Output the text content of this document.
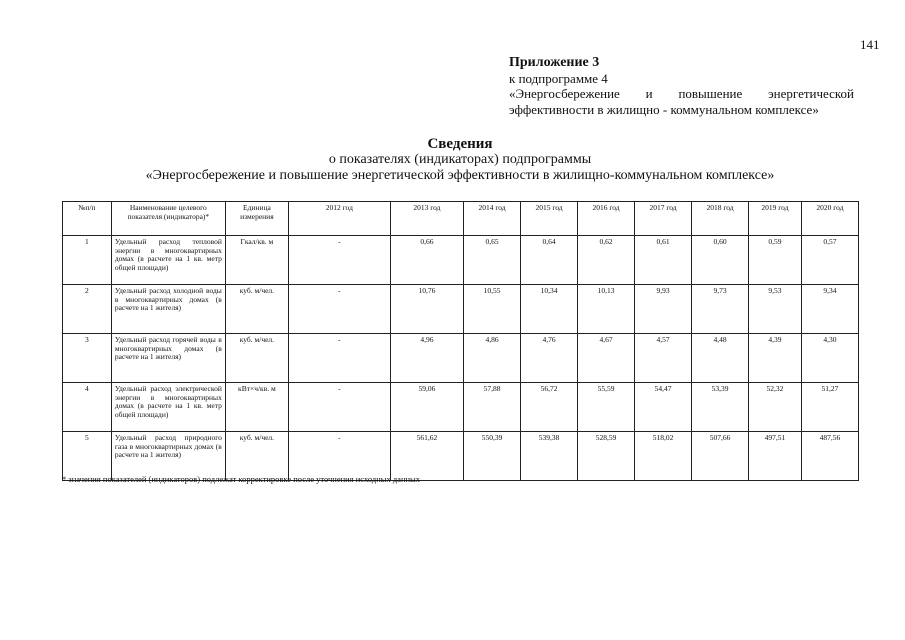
141
Приложение 3
к подпрограмме 4
«Энергосбережение и повышение энергетической
эффективности в жилищно - коммунальном комплексе»
Сведения
о показателях (индикаторах) подпрограммы
«Энергосбережение и повышение энергетической эффективности в жилищно-коммунальном комплексе»
№п/п	Наименование целевого показателя (индикатора)*	Единица измерения	2012 год	2013 год	2014 год	2015 год	2016 год	2017 год	2018 год	2019 год	2020 год
1	Удельный расход тепловой энергии в многоквартирных домах (в расчете на 1 кв. метр общей площади)	Гкал/кв. м	-	0,66	0,65	0,64	0,62	0,61	0,60	0,59	0,57
2	Удельный расход холодной воды в многоквартирных домах (в расчете на 1 жителя)	куб. м/чел.	-	10,76	10,55	10,34	10,13	9,93	9,73	9,53	9,34
3	Удельный расход горячей воды в многоквартирных домах (в расчете на 1 жителя)	куб. м/чел.	-	4,96	4,86	4,76	4,67	4,57	4,48	4,39	4,30
4	Удельный расход электрической энергии в многоквартирных домах (в расчете на 1 кв. метр общей площади)	кВт×ч/кв. м	-	59,06	57,88	56,72	55,59	54,47	53,39	52,32	51,27
5	Удельный расход природного газа в многоквартирных домах (в расчете на 1 жителя)	куб. м/чел.	-	561,62	550,39	539,38	528,59	518,02	507,66	497,51	487,56
* значения показателей (индикаторов) подлежат корректировке после уточнения исходных данных
